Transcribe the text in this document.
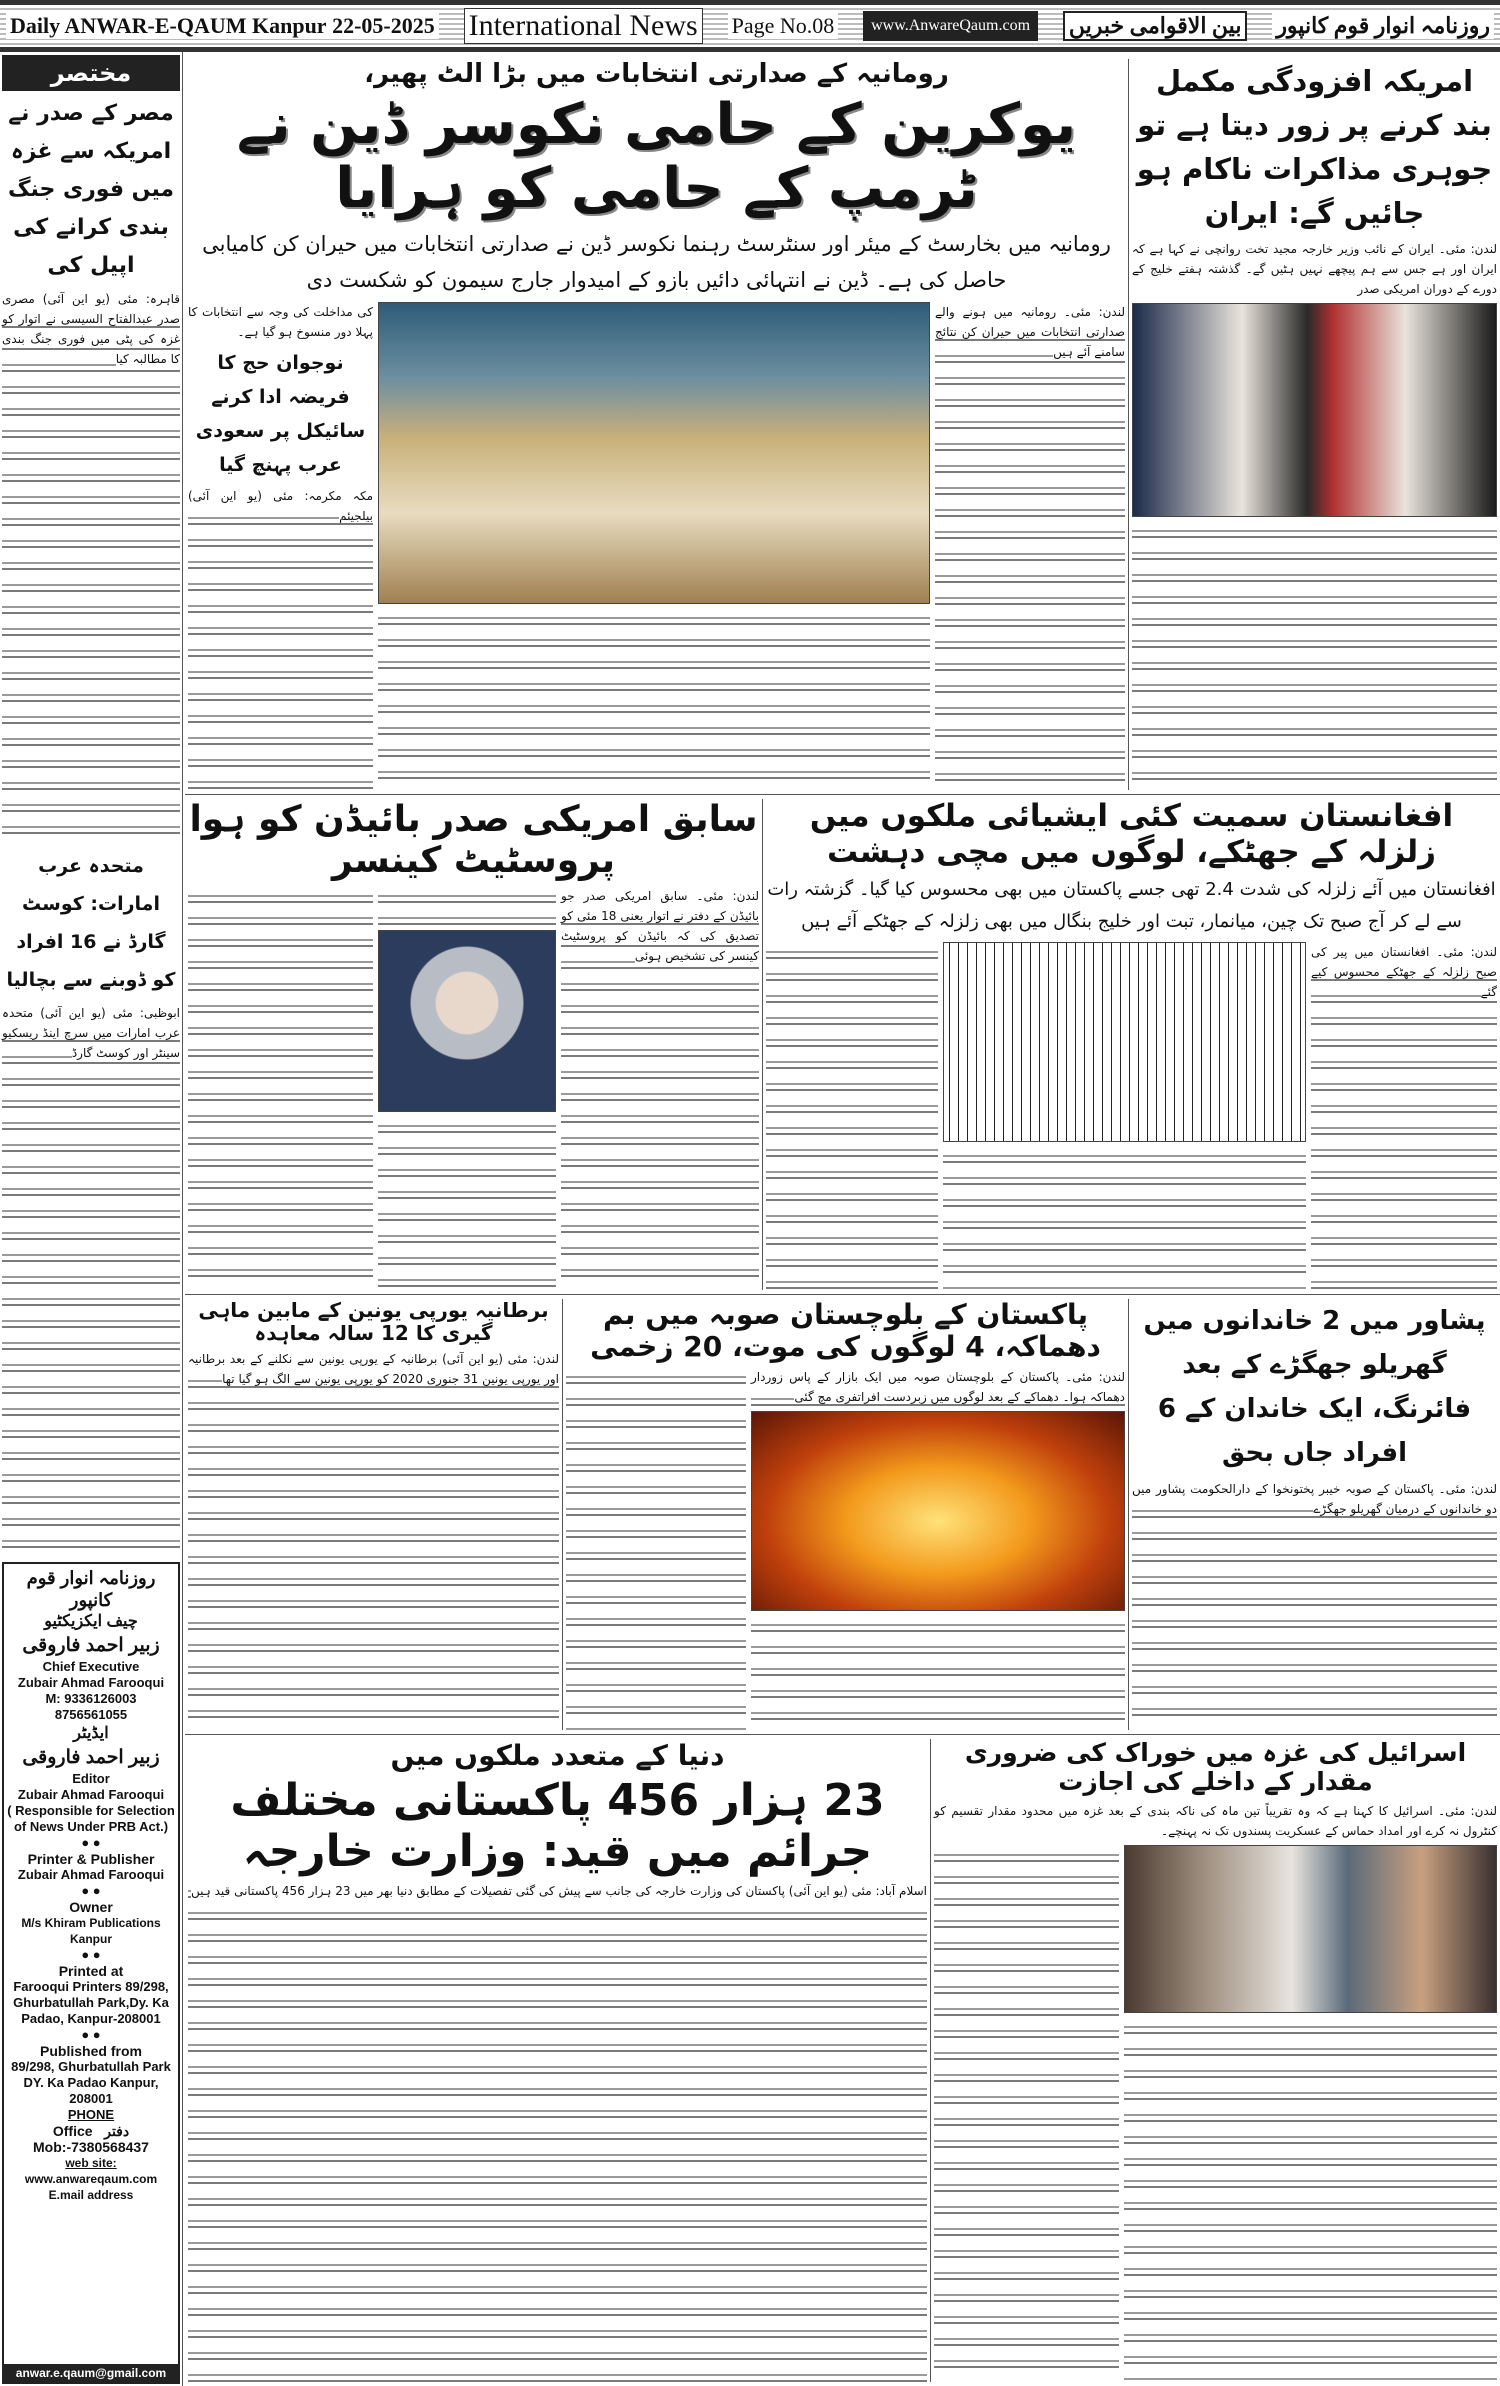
Daily ANWAR-E-QAUM Kanpur 22-05-2025 International News Page No.08	www.AnwareQaum.com	بین الاقوامی خبریں روزنامہ انوار قوم کانپور
مختصر
مصر کے صدر نے امریکہ سے غزہ میں فوری جنگ بندی کرانے کی اپیل کی

قاہرہ: مئی (یو این آئی) مصری صدر عبدالفتاح السیسی نے اتوار کو غزہ کی پٹی میں فوری جنگ بندی کا مطالبہ کیا

متحدہ عرب امارات: کوسٹ گارڈ نے 16 افراد کو ڈوبنے سے بچالیا

ابوظبی: مئی (یو این آئی) متحدہ عرب امارات میں سرچ اینڈ ریسکیو سینٹر اور کوسٹ گارڈ

روزنامہ انوار قوم کانپور
چیف ایکزیکٹیو
زبیر احمد فاروقی
Chief Executive
Zubair Ahmad Farooqui
M: 9336126003
8756561055
ایڈیٹر
زبیر احمد فاروقی
Editor
Zubair Ahmad Farooqui
( Responsible for Selection of News Under PRB Act.)
● ●
Printer & Publisher
Zubair Ahmad Farooqui
● ●
Owner
M/s Khiram Publications Kanpur
● ●
Printed at
Farooqui Printers 89/298, Ghurbatullah Park,Dy. Ka Padao, Kanpur-208001
● ●
Published from
89/298, Ghurbatullah Park DY. Ka Padao Kanpur, 208001
PHONE
Office دفتر
Mob:-7380568437
web site:
www.anwareqaum.com
E.mail address
anwar.e.qaum@gmail.com
رومانیہ کے صدارتی انتخابات میں بڑا الٹ پھیر،
یوکرین کے حامی نکوسر ڈین نے ٹرمپ کے حامی کو ہرایا
رومانیہ میں بخارسٹ کے میئر اور سنٹرسٹ رہنما نکوسر ڈین نے صدارتی انتخابات میں حیران کن کامیابی حاصل کی ہے۔ ڈین نے انتہائی دائیں بازو کے امیدوار جارج سیمون کو شکست دی

کی مداخلت کی وجہ سے انتخابات کا پہلا دور منسوخ ہو گیا ہے۔

نوجوان حج کا فریضہ ادا کرنے سائیکل پر سعودی عرب پہنچ گیا

مکہ مکرمہ: مئی (یو این آئی) بیلجیئم

لندن: مئی۔ رومانیہ میں ہونے والے صدارتی انتخابات میں حیران کن نتائج سامنے آئے ہیں

امریکہ افزودگی مکمل بند کرنے پر زور دیتا ہے تو جوہری مذاکرات ناکام ہو جائیں گے: ایران

لندن: مئی۔ ایران کے نائب وزیر خارجہ مجید تخت روانچی نے کہا ہے کہ ایران اور ہے جس سے ہم پیچھے نہیں ہٹیں گے۔ گذشتہ ہفتے خلیج کے دورے کے دوران امریکی صدر

سابق امریکی صدر بائیڈن کو ہوا پروسٹیٹ کینسر

لندن: مئی۔ سابق امریکی صدر جو بائیڈن کے دفتر نے اتوار یعنی 18 مئی کو تصدیق کی کہ بائیڈن کو پروسٹیٹ کینسر کی تشخیص ہوئی

افغانستان سمیت کئی ایشیائی ملکوں میں زلزلہ کے جھٹکے، لوگوں میں مچی دہشت
افغانستان میں آئے زلزلہ کی شدت 2.4 تھی جسے پاکستان میں بھی محسوس کیا گیا۔ گزشتہ رات سے لے کر آج صبح تک چین، میانمار، تبت اور خلیج بنگال میں بھی زلزلہ کے جھٹکے آئے ہیں

لندن: مئی۔ افغانستان میں پیر کی صبح زلزلہ کے جھٹکے محسوس کیے گئے

برطانیہ یورپی یونین کے مابین ماہی گیری کا 12 سالہ معاہدہ

لندن: مئی (یو این آئی) برطانیہ کے یورپی یونین سے نکلنے کے بعد برطانیہ اور یورپی یونین 31 جنوری 2020 کو یورپی یونین سے الگ ہو گیا تھا

پاکستان کے بلوچستان صوبہ میں بم دھماکہ، 4 لوگوں کی موت، 20 زخمی

لندن: مئی۔ پاکستان کے بلوچستان صوبہ میں ایک بازار کے پاس زوردار دھماکہ ہوا۔ دھماکے کے بعد لوگوں میں زبردست افراتفری مچ گئی

پشاور میں 2 خاندانوں میں گھریلو جھگڑے کے بعد فائرنگ، ایک خاندان کے 6 افراد جاں بحق

لندن: مئی۔ پاکستان کے صوبہ خیبر پختونخوا کے دارالحکومت پشاور میں دو خاندانوں کے درمیان گھریلو جھگڑے

دنیا کے متعدد ملکوں میں
23 ہزار 456 پاکستانی مختلف جرائم میں قید: وزارت خارجہ

اسلام آباد: مئی (یو این آئی) پاکستان کی وزارت خارجہ کی جانب سے پیش کی گئی تفصیلات کے مطابق دنیا بھر میں 23 ہزار 456 پاکستانی قید ہیں

اسرائیل کی غزہ میں خوراک کی ضروری مقدار کے داخلے کی اجازت

لندن: مئی۔ اسرائیل کا کہنا ہے کہ وہ تقریباً تین ماہ کی ناکہ بندی کے بعد غزہ میں محدود مقدار تقسیم کو کنٹرول نہ کرے اور امداد حماس کے عسکریت پسندوں تک نہ پہنچے۔
